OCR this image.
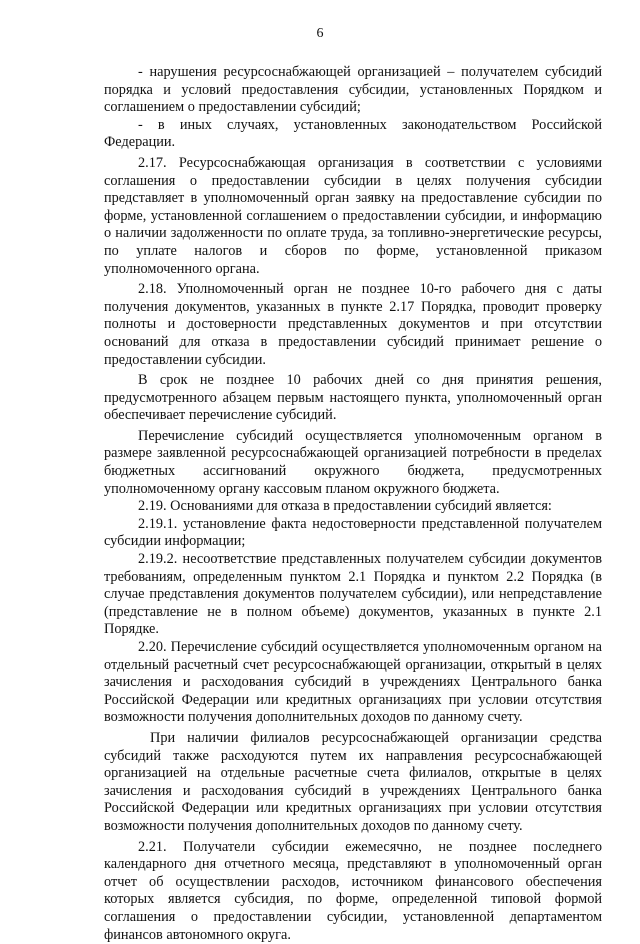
6

- нарушения ресурсоснабжающей организацией – получателем субсидий порядка и условий предоставления субсидии, установленных Порядком и соглашением о предоставлении субсидий;

- в иных случаях, установленных законодательством Российской Федерации.

2.17. Ресурсоснабжающая организация в соответствии с условиями соглашения о предоставлении субсидии в целях получения субсидии представляет в уполномоченный орган заявку на предоставление субсидии по форме, установленной соглашением о предоставлении субсидии, и информацию о наличии задолженности по оплате труда, за топливно-энергетические ресурсы, по уплате налогов и сборов по форме, установленной приказом уполномоченного органа.

2.18. Уполномоченный орган не позднее 10-го рабочего дня с даты получения документов, указанных в пункте 2.17 Порядка, проводит проверку полноты и достоверности представленных документов и при отсутствии оснований для отказа в предоставлении субсидий принимает решение о предоставлении субсидии.

В срок не позднее 10 рабочих дней со дня принятия решения, предусмотренного абзацем первым настоящего пункта, уполномоченный орган обеспечивает перечисление субсидий.

Перечисление субсидий осуществляется уполномоченным органом в размере заявленной ресурсоснабжающей организацией потребности в пределах бюджетных ассигнований окружного бюджета, предусмотренных уполномоченному органу кассовым планом окружного бюджета.

2.19. Основаниями для отказа в предоставлении субсидий является:

2.19.1. установление факта недостоверности представленной получателем субсидии информации;

2.19.2. несоответствие представленных получателем субсидии документов требованиям, определенным пунктом 2.1 Порядка и пунктом 2.2 Порядка (в случае представления документов получателем субсидии), или непредставление (представление не в полном объеме) документов, указанных в пункте 2.1 Порядке.

2.20. Перечисление субсидий осуществляется уполномоченным органом на отдельный расчетный счет ресурсоснабжающей организации, открытый в целях зачисления и расходования субсидий в учреждениях Центрального банка Российской Федерации или кредитных организациях при условии отсутствия возможности получения дополнительных доходов по данному счету.

При наличии филиалов ресурсоснабжающей организации средства субсидий также расходуются путем их направления ресурсоснабжающей организацией на отдельные расчетные счета филиалов, открытые в целях зачисления и расходования субсидий в учреждениях Центрального банка Российской Федерации или кредитных организациях при условии отсутствия возможности получения дополнительных доходов по данному счету.

2.21. Получатели субсидии ежемесячно, не позднее последнего календарного дня отчетного месяца, представляют в уполномоченный орган отчет об осуществлении расходов, источником финансового обеспечения которых является субсидия, по форме, определенной типовой формой соглашения о предоставлении субсидии, установленной департаментом финансов автономного округа.
